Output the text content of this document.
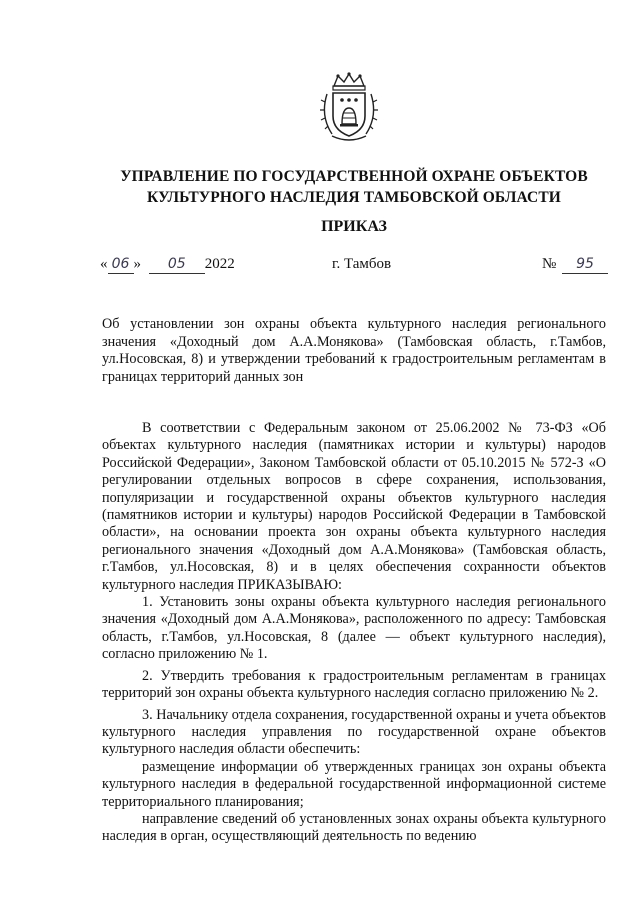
УПРАВЛЕНИЕ ПО ГОСУДАРСТВЕННОЙ ОХРАНЕ ОБЪЕКТОВ
КУЛЬТУРНОГО НАСЛЕДИЯ ТАМБОВСКОЙ ОБЛАСТИ
ПРИКАЗ
« 06 » 05 2022	г. Тамбов	№ 95
Об установлении зон охраны объекта культурного наследия регионального значения «Доходный дом А.А.Монякова» (Тамбовская область, г.Тамбов, ул.Носовская, 8) и утверждении требований к градостроительным регламентам в границах территорий данных зон

В соответствии с Федеральным законом от 25.06.2002 № 73-ФЗ «Об объектах культурного наследия (памятниках истории и культуры) народов Российской Федерации», Законом Тамбовской области от 05.10.2015 № 572-З «О регулировании отдельных вопросов в сфере сохранения, использования, популяризации и государственной охраны объектов культурного наследия (памятников истории и культуры) народов Российской Федерации в Тамбовской области», на основании проекта зон охраны объекта культурного наследия регионального значения «Доходный дом А.А.Монякова» (Тамбовская область, г.Тамбов, ул.Носовская, 8) и в целях обеспечения сохранности объектов культурного наследия ПРИКАЗЫВАЮ:

1. Установить зоны охраны объекта культурного наследия регионального значения «Доходный дом А.А.Монякова», расположенного по адресу: Тамбовская область, г.Тамбов, ул.Носовская, 8 (далее — объект культурного наследия), согласно приложению № 1.

2. Утвердить требования к градостроительным регламентам в границах территорий зон охраны объекта культурного наследия согласно приложению № 2.

3. Начальнику отдела сохранения, государственной охраны и учета объектов культурного наследия управления по государственной охране объектов культурного наследия области обеспечить:

размещение информации об утвержденных границах зон охраны объекта культурного наследия в федеральной государственной информационной системе территориального планирования;

направление сведений об установленных зонах охраны объекта культурного наследия в орган, осуществляющий деятельность по ведению
